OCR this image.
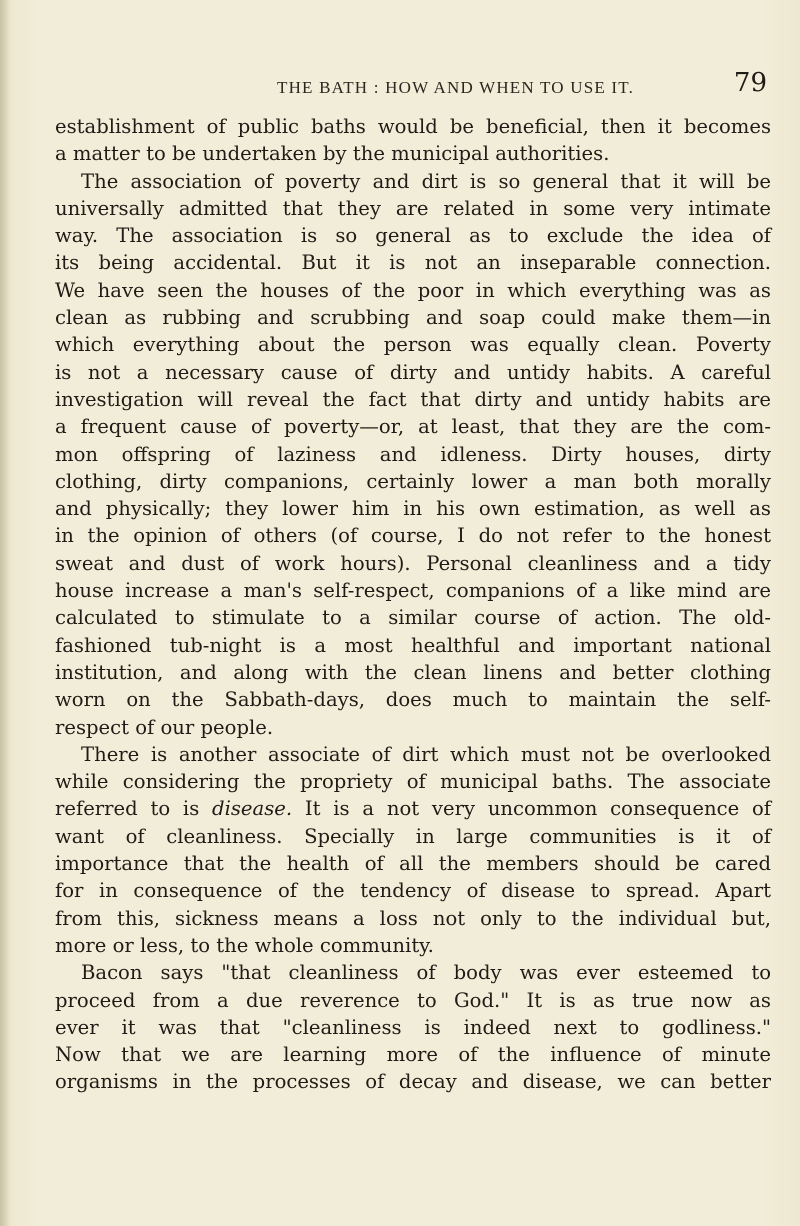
THE BATH : HOW AND WHEN TO USE IT.	79
establishment of public baths would be beneficial, then it becomes
a matter to be undertaken by the municipal authorities.
The association of poverty and dirt is so general that it will be
universally admitted that they are related in some very intimate
way. The association is so general as to exclude the idea of
its being accidental. But it is not an inseparable connection.
We have seen the houses of the poor in which everything was as
clean as rubbing and scrubbing and soap could make them—in
which everything about the person was equally clean. Poverty
is not a necessary cause of dirty and untidy habits. A careful
investigation will reveal the fact that dirty and untidy habits are
a frequent cause of poverty—or, at least, that they are the com-
mon offspring of laziness and idleness. Dirty houses, dirty
clothing, dirty companions, certainly lower a man both morally
and physically; they lower him in his own estimation, as well as
in the opinion of others (of course, I do not refer to the honest
sweat and dust of work hours). Personal cleanliness and a tidy
house increase a man's self-respect, companions of a like mind are
calculated to stimulate to a similar course of action. The old-
fashioned tub-night is a most healthful and important national
institution, and along with the clean linens and better clothing
worn on the Sabbath-days, does much to maintain the self-
respect of our people.
There is another associate of dirt which must not be overlooked
while considering the propriety of municipal baths. The associate
referred to is disease. It is a not very uncommon consequence of
want of cleanliness. Specially in large communities is it of
importance that the health of all the members should be cared
for in consequence of the tendency of disease to spread. Apart
from this, sickness means a loss not only to the individual but,
more or less, to the whole community.
Bacon says "that cleanliness of body was ever esteemed to
proceed from a due reverence to God." It is as true now as
ever it was that "cleanliness is indeed next to godliness."
Now that we are learning more of the influence of minute
organisms in the processes of decay and disease, we can better
